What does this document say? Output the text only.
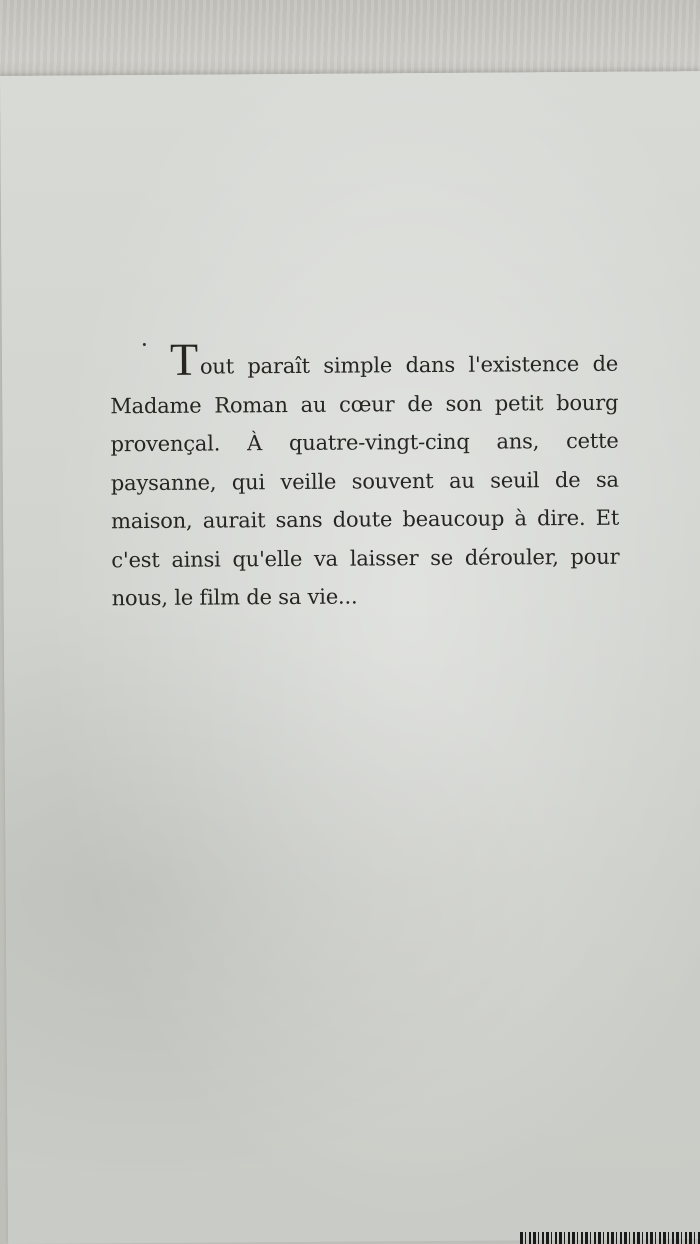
Tout paraît simple dans l'existence de Madame Roman au cœur de son petit bourg provençal. À quatre-vingt-cinq ans, cette paysanne, qui veille souvent au seuil de sa maison, aurait sans doute beaucoup à dire. Et c'est ainsi qu'elle va laisser se dérouler, pour nous, le film de sa vie...
